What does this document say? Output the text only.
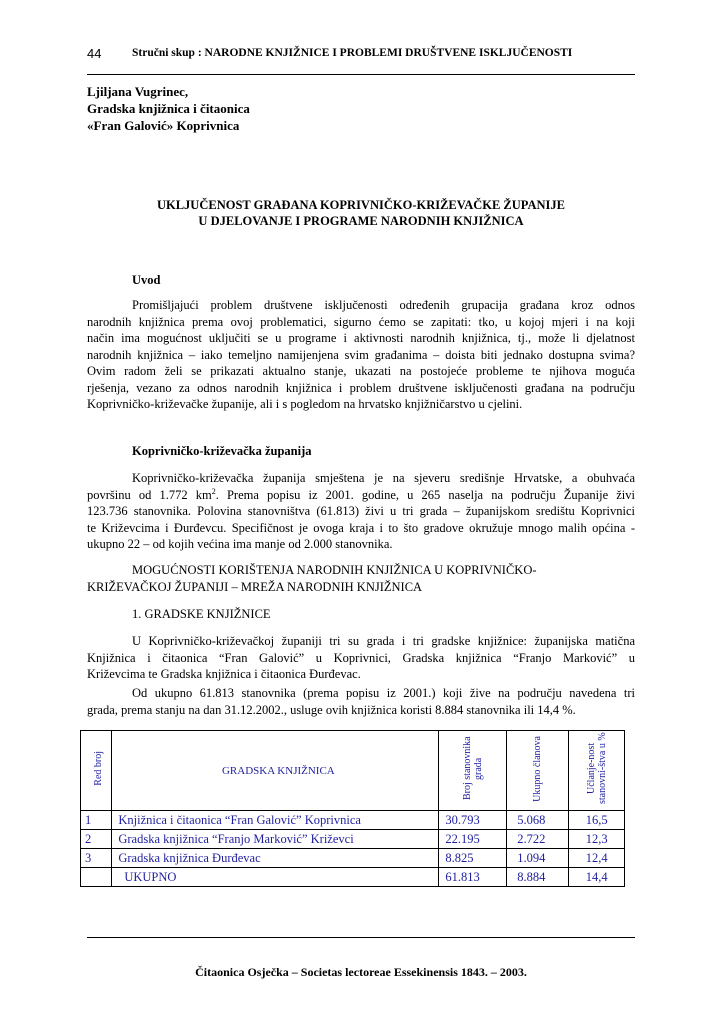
44	Stručni skup : NARODNE KNJIŽNICE I PROBLEMI DRUŠTVENE ISKLJUČENOSTI
Ljiljana Vugrinec,
Gradska knjižnica i čitaonica
«Fran Galović» Koprivnica
UKLJUČENOST GRAĐANA KOPRIVNIČKO-KRIŽEVAČKE ŽUPANIJE
U DJELOVANJE I PROGRAME NARODNIH KNJIŽNICA
Uvod
Promišljajući problem društvene isključenosti određenih grupacija građana kroz odnos
narodnih knjižnica prema ovoj problematici, sigurno ćemo se zapitati: tko, u kojoj mjeri i na koji
način ima mogućnost uključiti se u programe i aktivnosti narodnih knjižnica, tj., može li djelatnost
narodnih knjižnica – iako temeljno namijenjena svim građanima – doista biti jednako dostupna svima?
Ovim radom želi se prikazati aktualno stanje, ukazati na postojeće probleme te njihova moguća
rješenja, vezano za odnos narodnih knjižnica i problem društvene isključenosti građana na području
Koprivničko-križevačke županije, ali i s pogledom na hrvatsko knjižničarstvo u cjelini.
Koprivničko-križevačka županija
Koprivničko-križevačka županija smještena je na sjeveru središnje Hrvatske, a obuhvaća
površinu od 1.772 $km^2$. Prema popisu iz 2001. godine, u 265 naselja na području Županije živi
123.736 stanovnika. Polovina stanovništva (61.813) živi u tri grada – županijskom središtu Koprivnici
te Križevcima i Đurđevcu. Specifičnost je ovoga kraja i to što gradove okružuje mnogo malih općina -
ukupno 22 – od kojih većina ima manje od 2.000 stanovnika.
MOGUĆNOSTI KORIŠTENJA NARODNIH KNJIŽNICA U KOPRIVNIČKO-
KRIŽEVAČKOJ ŽUPANIJI – MREŽA NARODNIH KNJIŽNICA
1. GRADSKE KNJIŽNICE
U Koprivničko-križevačkoj županiji tri su grada i tri gradske knjižnice: županijska matična
Knjižnica i čitaonica “Fran Galović” u Koprivnici, Gradska knjižnica “Franjo Marković” u
Križevcima te Gradska knjižnica i čitaonica Đurđevac.
Od ukupno 61.813 stanovnika (prema popisu iz 2001.) koji žive na području navedena tri
grada, prema stanju na dan 31.12.2002., usluge ovih knjižnica koristi 8.884 stanovnika ili 14,4 %.
Red broj	GRADSKA KNJIŽNICA	Broj stanovnika grada	Ukupno članova	Učlanje-nost stanovni-štva u %
1	Knjižnica i čitaonica “Fran Galović” Koprivnica	30.793	5.068	16,5
2	Gradska knjižnica “Franjo Marković” Križevci	22.195	2.722	12,3
3	Gradska knjižnica Đurđevac	8.825	1.094	12,4
	UKUPNO	61.813	8.884	14,4
Čitaonica Osječka – Societas lectoreae Essekinensis 1843. – 2003.
